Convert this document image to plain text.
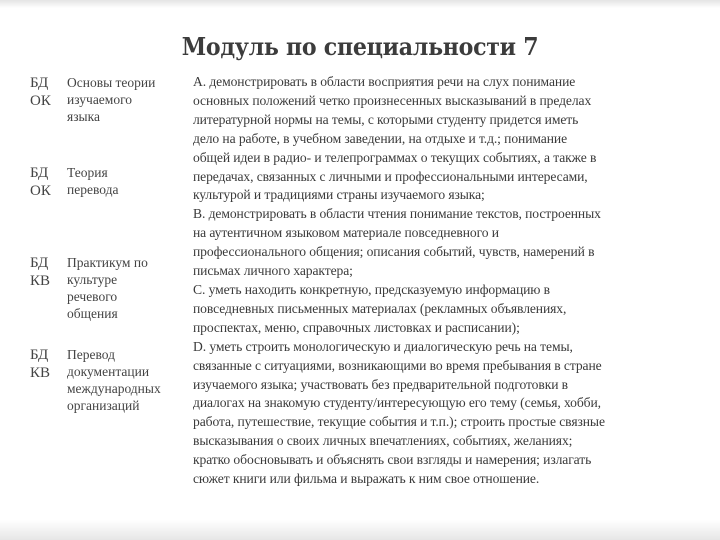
Модуль по специальности 7
БД
ОК
Основы теории
изучаемого
языка
БД
ОК
Теория
перевода
БД
КВ
Практикум по
культуре
речевого
общения
БД
КВ
Перевод
документации
международных
организаций

А. демонстрировать в области восприятия речи на слух понимание

основных положений четко произнесенных высказываний в пределах

литературной нормы на темы, с которыми студенту придется иметь

дело на работе, в учебном заведении, на отдыхе и т.д.; понимание

общей идеи в радио- и телепрограммах о текущих событиях, а также в

передачах, связанных с личными и профессиональными интересами,

культурой и традициями страны изучаемого языка;

В. демонстрировать в области чтения понимание текстов, построенных

на аутентичном языковом материале повседневного и

профессионального общения; описания событий, чувств, намерений в

письмах личного характера;

С. уметь находить конкретную, предсказуемую информацию в

повседневных письменных материалах (рекламных объявлениях,

проспектах, меню, справочных листовках и расписании);

D. уметь строить монологическую и диалогическую речь на темы,

связанные с ситуациями, возникающими во время пребывания в стране

изучаемого языка; участвовать без предварительной подготовки в

диалогах на знакомую студенту/интересующую его тему (семья, хобби,

работа, путешествие, текущие события и т.п.); строить простые связные

высказывания о своих личных впечатлениях, событиях, желаниях;

кратко обосновывать и объяснять свои взгляды и намерения; излагать

сюжет книги или фильма и выражать к ним свое отношение.
